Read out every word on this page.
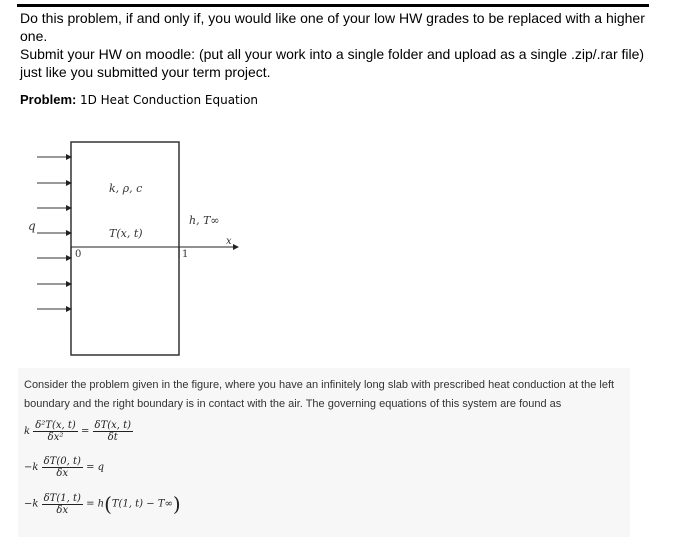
Do this problem, if and only if, you would like one of your low HW grades to be replaced with a higher one.

Submit your HW on moodle: (put all your work into a single folder and upload as a single .zip/.rar file) just like you submitted your term project.

Problem: 1D Heat Conduction Equation
q
k, ρ, c
T(x, t)
h, T∞
x
0	1
Consider the problem given in the figure, where you have an infinitely long slab with prescribed heat conduction at the left boundary and the right boundary is in contact with the air. The governing equations of this system are found as
k $\frac{\text{δ²T(x, t)}}{\text{δx²}} = \frac{\delta T(x, t)}{\delta t}$
$-k \frac{\delta T(0, t)}{\delta x} = q$
$-k \frac{\delta T(1, t)}{\delta x} = h(T(1$, t) − T∞)
